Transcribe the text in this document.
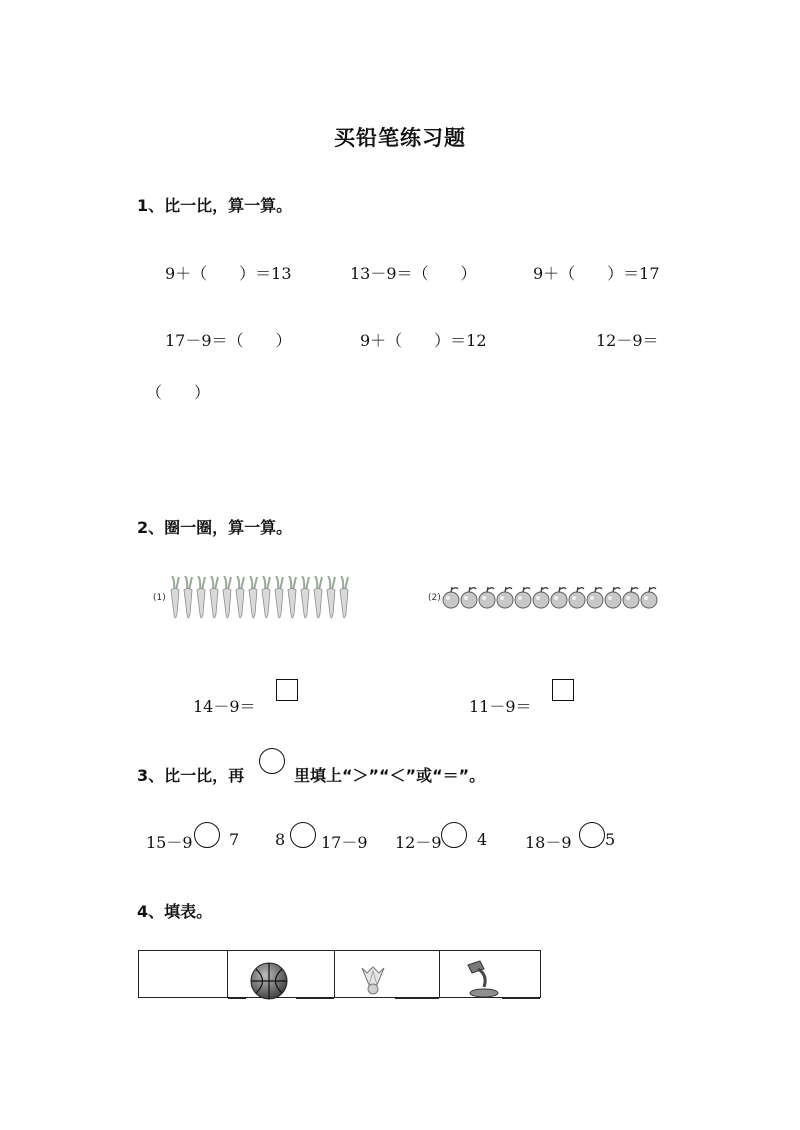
买铅笔练习题
1、比一比，算一算。
9＋（　　）＝13	13－9＝（　　）	9＋（　　）＝17
17－9＝（　　）	9＋（　　）＝12	12－9＝
（　　）
2、圈一圈，算一算。
(1)	(2)
14－9＝	11－9＝
3、比一比，再	里填上“＞”“＜”或“＝”。
15－9 7 8 17－9 12－9 4 18－9 5
4、填表。
